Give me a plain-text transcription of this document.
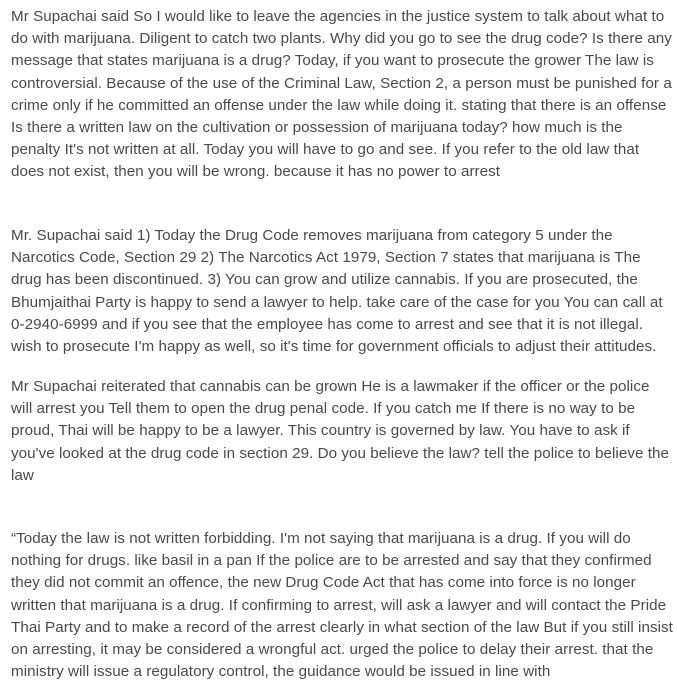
Mr Supachai said So I would like to leave the agencies in the justice system to talk about what to do with marijuana. Diligent to catch two plants. Why did you go to see the drug code? Is there any message that states marijuana is a drug? Today, if you want to prosecute the grower The law is controversial. Because of the use of the Criminal Law, Section 2, a person must be punished for a crime only if he committed an offense under the law while doing it. stating that there is an offense Is there a written law on the cultivation or possession of marijuana today? how much is the penalty It's not written at all. Today you will have to go and see. If you refer to the old law that does not exist, then you will be wrong. because it has no power to arrest

Mr. Supachai said 1) Today the Drug Code removes marijuana from category 5 under the Narcotics Code, Section 29 2) The Narcotics Act 1979, Section 7 states that marijuana is The drug has been discontinued. 3) You can grow and utilize cannabis. If you are prosecuted, the Bhumjaithai Party is happy to send a lawyer to help. take care of the case for you You can call at 0-2940-6999 and if you see that the employee has come to arrest and see that it is not illegal. wish to prosecute I'm happy as well, so it's time for government officials to adjust their attitudes.

Mr Supachai reiterated that cannabis can be grown He is a lawmaker if the officer or the police will arrest you Tell them to open the drug penal code. If you catch me If there is no way to be proud, Thai will be happy to be a lawyer. This country is governed by law. You have to ask if you've looked at the drug code in section 29. Do you believe the law? tell the police to believe the law

“Today the law is not written forbidding. I'm not saying that marijuana is a drug. If you will do nothing for drugs. like basil in a pan If the police are to be arrested and say that they confirmed they did not commit an offence, the new Drug Code Act that has come into force is no longer written that marijuana is a drug. If confirming to arrest, will ask a lawyer and will contact the Pride Thai Party and to make a record of the arrest clearly in what section of the law But if you still insist on arresting, it may be considered a wrongful act. urged the police to delay their arrest. that the ministry will issue a regulatory control, the guidance would be issued in line with
